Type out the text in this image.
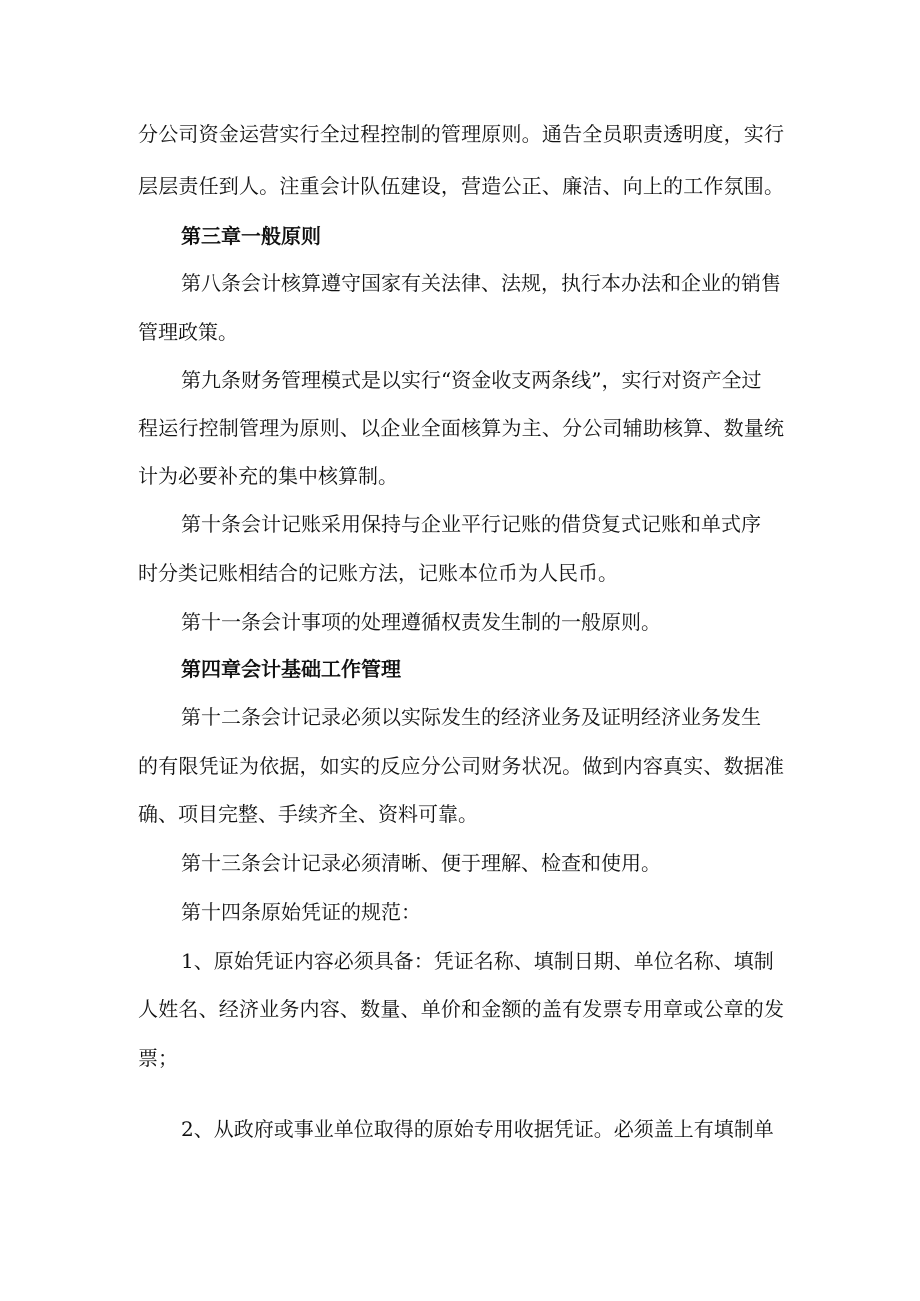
分公司资金运营实行全过程控制的管理原则。通告全员职责透明度，实行

层层责任到人。注重会计队伍建设，营造公正、廉洁、向上的工作氛围。

第三章一般原则

第八条会计核算遵守国家有关法律、法规，执行本办法和企业的销售

管理政策。

第九条财务管理模式是以实行“资金收支两条线”，实行对资产全过

程运行控制管理为原则、以企业全面核算为主、分公司辅助核算、数量统

计为必要补充的集中核算制。

第十条会计记账采用保持与企业平行记账的借贷复式记账和单式序

时分类记账相结合的记账方法，记账本位币为人民币。

第十一条会计事项的处理遵循权责发生制的一般原则。

第四章会计基础工作管理

第十二条会计记录必须以实际发生的经济业务及证明经济业务发生

的有限凭证为依据，如实的反应分公司财务状况。做到内容真实、数据准

确、项目完整、手续齐全、资料可靠。

第十三条会计记录必须清晰、便于理解、检查和使用。

第十四条原始凭证的规范：

1、原始凭证内容必须具备：凭证名称、填制日期、单位名称、填制

人姓名、经济业务内容、数量、单价和金额的盖有发票专用章或公章的发

票；

2、从政府或事业单位取得的原始专用收据凭证。必须盖上有填制单
